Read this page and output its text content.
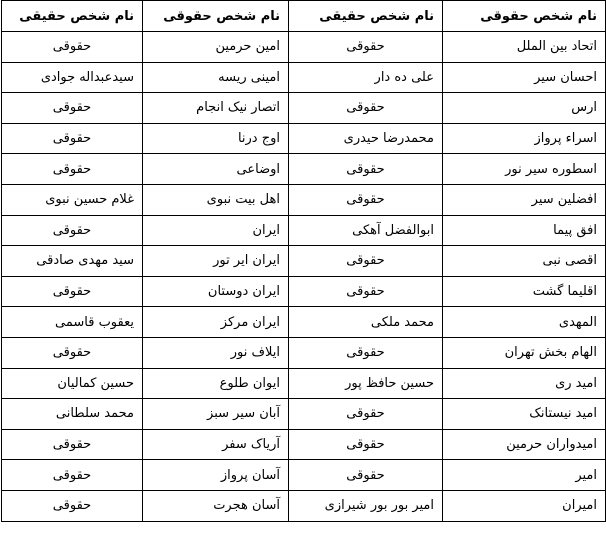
نام شخص حقوقی	نام شخص حقیقی	نام شخص حقوقی	نام شخص حقیقی
اتحاد بین الملل	حقوقی	امین حرمین	حقوقی
احسان سیر	علی ده دار	امینی ریسه	سیدعبداله جوادی
ارس	حقوقی	اتصار نیک انجام	حقوقی
اسراء پرواز	محمدرضا حیدری	اوج درنا	حقوقی
اسطوره سیر نور	حقوقی	اوضاعی	حقوقی
افضلین سیر	حقوقی	اهل بیت نبوی	غلام حسین نبوی
افق پیما	ابوالفضل آهکی	ایران	حقوقی
اقصی نبی	حقوقی	ایران ایر تور	سید مهدی صادقی
اقلیما گشت	حقوقی	ایران دوستان	حقوقی
المهدی	محمد ملکی	ایران مرکز	یعقوب قاسمی
الهام بخش تهران	حقوقی	ایلاف نور	حقوقی
امید ری	حسین حافظ پور	ایوان طلوع	حسین کمالیان
امید نیستانک	حقوقی	آبان سیر سبز	محمد سلطانی
امیدواران حرمین	حقوقی	آریاک سفر	حقوقی
امیر	حقوقی	آسان پرواز	حقوقی
امیران	امیر بور بور شیرازی	آسان هجرت	حقوقی
